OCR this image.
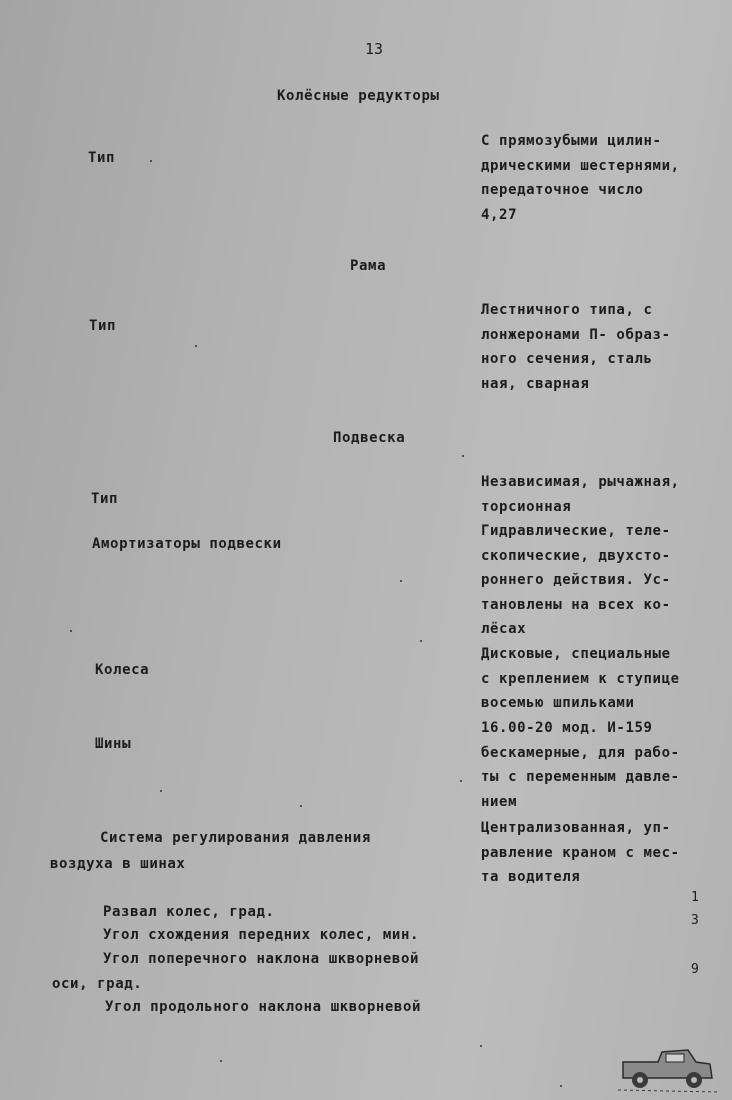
13
Колёсные редукторы
Тип
С прямозубыми цилин-
дрическими шестернями,
передаточное число
4,27
Рама
Тип
Лестничного типа, с
лонжеронами П- образ-
ного сечения, сталь
ная, сварная
Подвеска
Тип
Независимая, рычажная,
торсионная
Амортизаторы подвески
Гидравлические, теле-
скопические, двухсто-
роннего действия. Ус-
тановлены на всех ко-
лёсах
Колеса
Дисковые, специальные
с креплением к ступице
восемью шпильками
Шины
16.00-20 мод. И-159
бескамерные, для рабо-
ты с переменным давле-
нием
Система регулирования давления
воздуха в шинах
Централизованная, уп-
равление краном с мес-
та водителя
Развал колес, град.
1
Угол схождения передних колес, мин.
3
Угол поперечного наклона шкворневой
оси, град.
9
Угол продольного наклона шкворневой
